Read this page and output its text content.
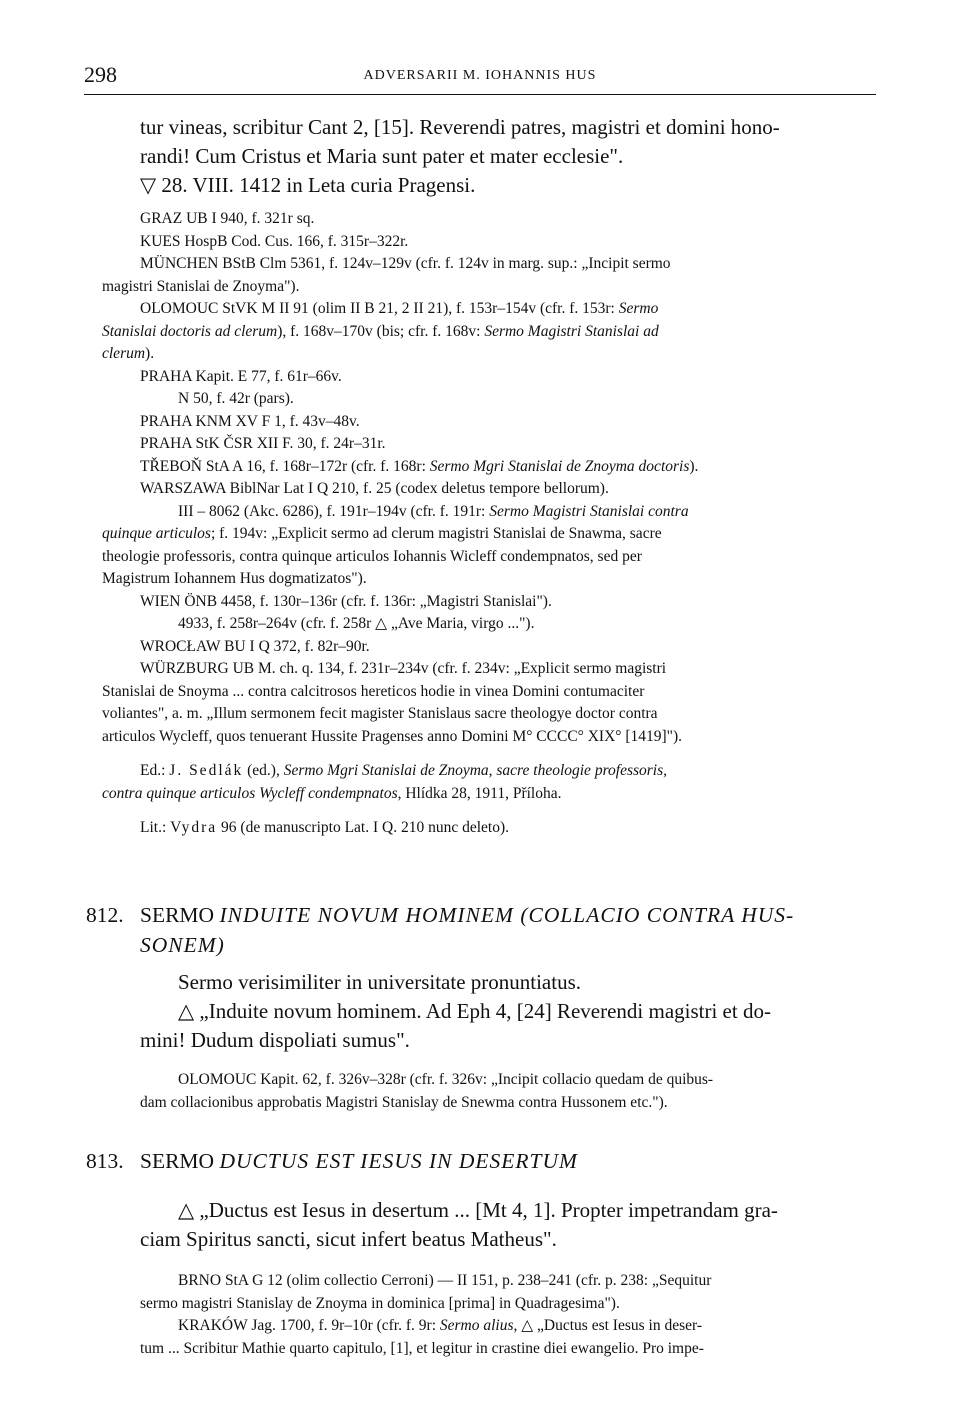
298	ADVERSARII M. IOHANNIS HUS

tur vineas, scribitur Cant 2, [15]. Reverendi patres, magistri et domini hono-

randi! Cum Cristus et Maria sunt pater et mater ecclesie".

▽ 28. VIII. 1412 in Leta curia Pragensi.

GRAZ UB I 940, f. 321r sq.

KUES HospB Cod. Cus. 166, f. 315r–322r.

MÜNCHEN BStB Clm 5361, f. 124v–129v (cfr. f. 124v in marg. sup.: „Incipit sermo

magistri Stanislai de Znoyma").

OLOMOUC StVK M II 91 (olim II B 21, 2 II 21), f. 153r–154v (cfr. f. 153r: Sermo

Stanislai doctoris ad clerum), f. 168v–170v (bis; cfr. f. 168v: Sermo Magistri Stanislai ad

clerum).

PRAHA Kapit. E 77, f. 61r–66v.

N 50, f. 42r (pars).

PRAHA KNM XV F 1, f. 43v–48v.

PRAHA StK ČSR XII F. 30, f. 24r–31r.

TŘEBOŇ StA A 16, f. 168r–172r (cfr. f. 168r: Sermo Mgri Stanislai de Znoyma doctoris).

WARSZAWA BiblNar Lat I Q 210, f. 25 (codex deletus tempore bellorum).

III – 8062 (Akc. 6286), f. 191r–194v (cfr. f. 191r: Sermo Magistri Stanislai contra

quinque articulos; f. 194v: „Explicit sermo ad clerum magistri Stanislai de Snawma, sacre

theologie professoris, contra quinque articulos Iohannis Wicleff condempnatos, sed per

Magistrum Iohannem Hus dogmatizatos").

WIEN ÖNB 4458, f. 130r–136r (cfr. f. 136r: „Magistri Stanislai").

4933, f. 258r–264v (cfr. f. 258r △ „Ave Maria, virgo ...").

WROCŁAW BU I Q 372, f. 82r–90r.

WÜRZBURG UB M. ch. q. 134, f. 231r–234v (cfr. f. 234v: „Explicit sermo magistri

Stanislai de Snoyma ... contra calcitrosos hereticos hodie in vinea Domini contumaciter

voliantes", a. m. „Illum sermonem fecit magister Stanislaus sacre theologye doctor contra

articulos Wycleff, quos tenuerant Hussite Pragenses anno Domini M° CCCC° XIX° [1419]").

Ed.: J. Sedlák (ed.), Sermo Mgri Stanislai de Znoyma, sacre theologie professoris,

contra quinque articulos Wycleff condempnatos, Hlídka 28, 1911, Příloha.

Lit.: Vydra 96 (de manuscripto Lat. I Q. 210 nunc deleto).

812. SERMO INDUITE NOVUM HOMINEM (COLLACIO CONTRA HUS-
SONEM)

Sermo verisimiliter in universitate pronuntiatus.

△ „Induite novum hominem. Ad Eph 4, [24] Reverendi magistri et do-

mini! Dudum dispoliati sumus".

OLOMOUC Kapit. 62, f. 326v–328r (cfr. f. 326v: „Incipit collacio quedam de quibus-

dam collacionibus approbatis Magistri Stanislay de Snewma contra Hussonem etc.").

813. SERMO DUCTUS EST IESUS IN DESERTUM

△ „Ductus est Iesus in desertum ... [Mt 4, 1]. Propter impetrandam gra-

ciam Spiritus sancti, sicut infert beatus Matheus".

BRNO StA G 12 (olim collectio Cerroni) — II 151, p. 238–241 (cfr. p. 238: „Sequitur

sermo magistri Stanislay de Znoyma in dominica [prima] in Quadragesima").

KRAKÓW Jag. 1700, f. 9r–10r (cfr. f. 9r: Sermo alius, △ „Ductus est Iesus in deser-

tum ... Scribitur Mathie quarto capitulo, [1], et legitur in crastine diei ewangelio. Pro impe-
